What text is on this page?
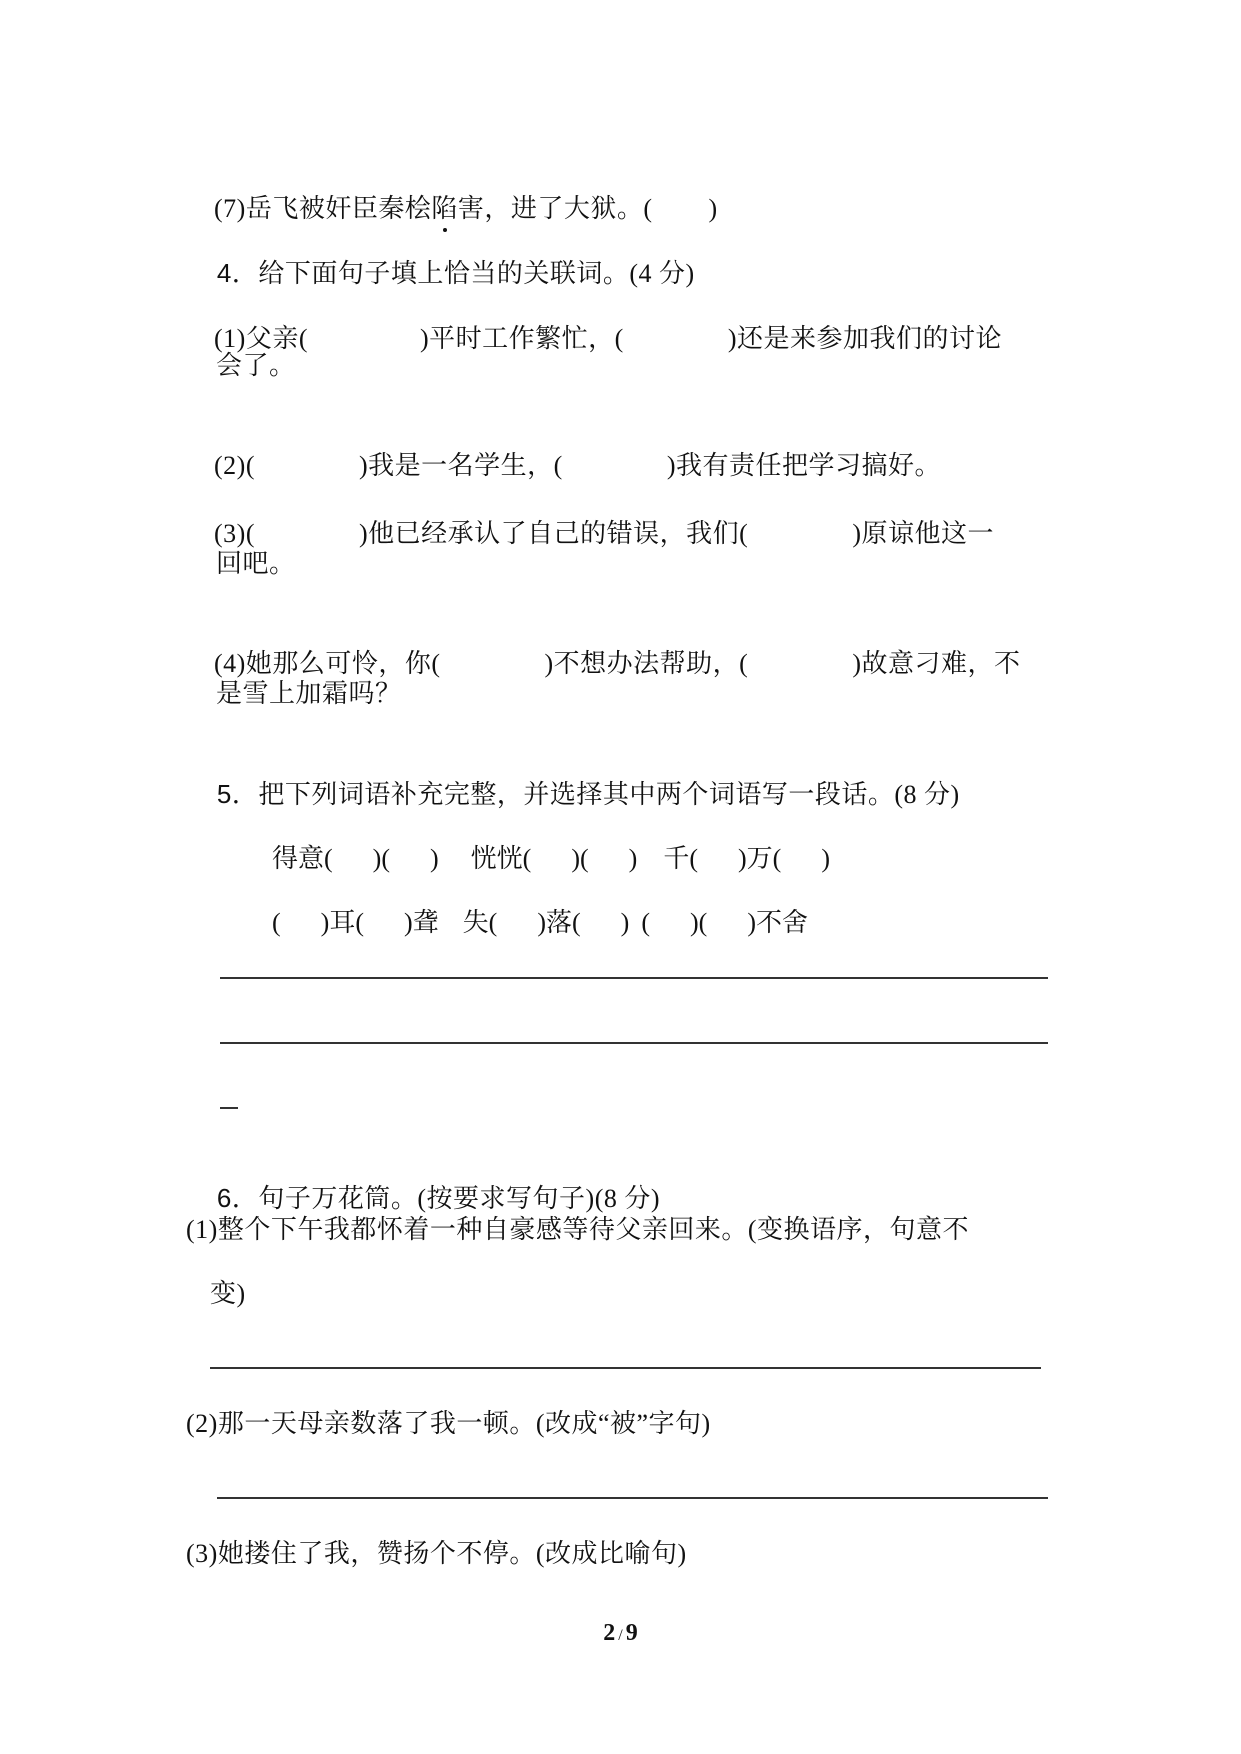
(7)岳飞被奸臣秦桧陷害，进了大狱。( )

4．给下面句子填上恰当的关联词。(4 分)

(1)父亲(	)平时工作繁忙，(	)还是来参加我们的讨论

会了。

(2)(	)我是一名学生，(	)我有责任把学习搞好。

(3)(	)他已经承认了自己的错误，我们(	)原谅他这一

回吧。

(4)她那么可怜，你(	)不想办法帮助，(	)故意刁难，不

是雪上加霜吗？

5．把下列词语补充完整，并选择其中两个词语写一段话。(8 分)

得意( )( ) 恍恍( )( ) 千( )万( )

( )耳( )聋 失( )落( ) ( )( )不舍

6．句子万花筒。(按要求写句子)(8 分)

(1)整个下午我都怀着一种自豪感等待父亲回来。(变换语序，句意不
变)
(2)那一天母亲数落了我一顿。(改成“被”字句)
(3)她搂住了我，赞扬个不停。(改成比喻句)
2 / 9
